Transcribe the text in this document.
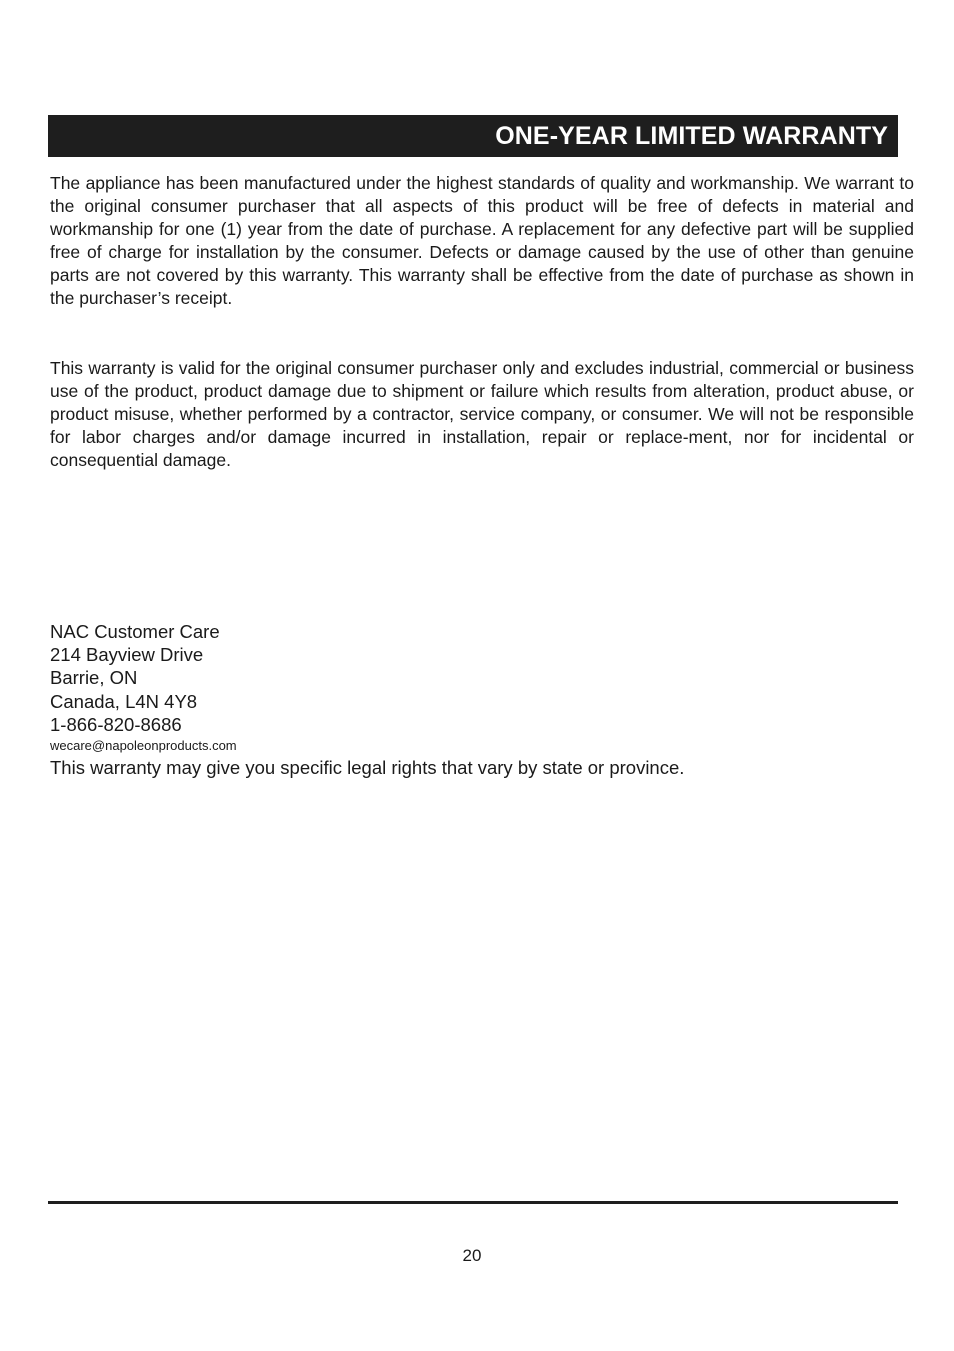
ONE-YEAR LIMITED WARRANTY

The appliance has been manufactured under the highest standards of quality and workmanship. We warrant to the original consumer purchaser that all aspects of this product will be free of defects in material and workmanship for one (1) year from the date of purchase. A replacement for any defective part will be supplied free of charge for installation by the consumer. Defects or damage caused by the use of other than genuine parts are not covered by this warranty. This warranty shall be effective from the date of purchase as shown in the purchaser’s receipt.

This warranty is valid for the original consumer purchaser only and excludes industrial, commercial or business use of the product, product damage due to shipment or failure which results from alteration, product abuse, or product misuse, whether performed by a contractor, service company, or consumer. We will not be responsible for labor charges and/or damage incurred in installation, repair or replace-ment, nor for incidental or consequential damage.

NAC Customer Care
214 Bayview Drive
Barrie, ON
Canada, L4N 4Y8
1-866-820-8686
wecare@napoleonproducts.com
This warranty may give you specific legal rights that vary by state or province.
20
